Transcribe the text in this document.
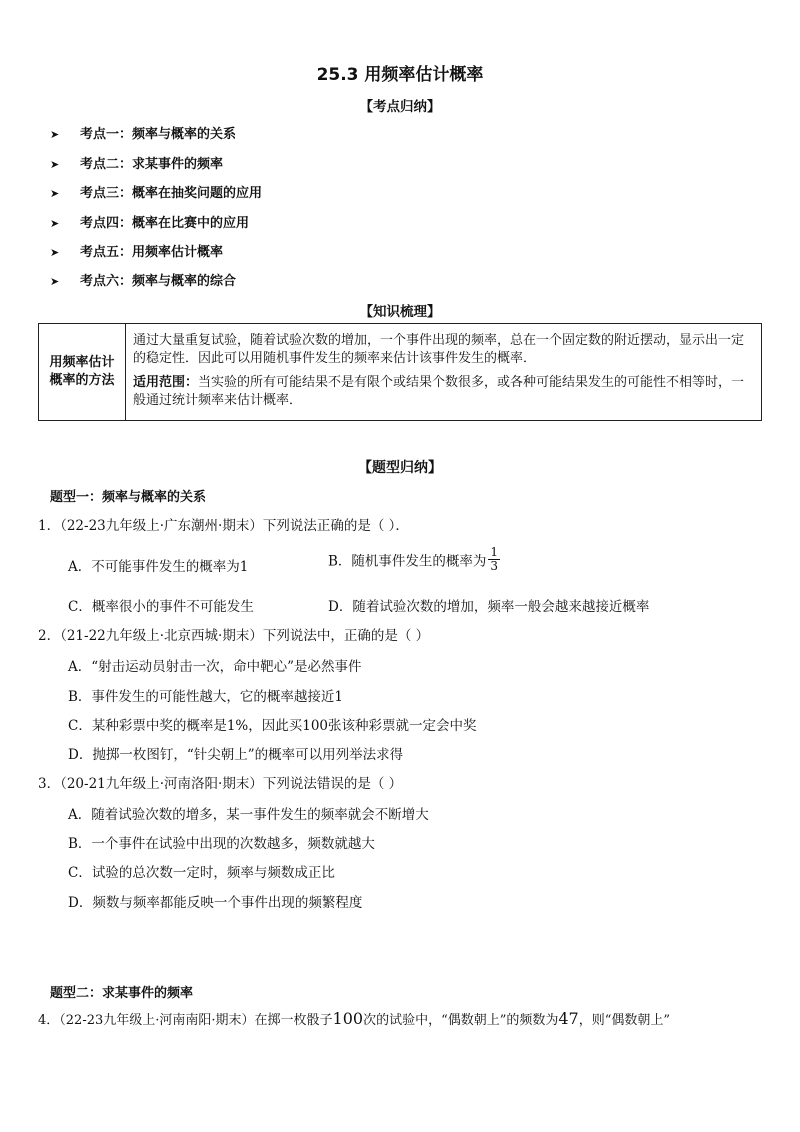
25.3 用频率估计概率
【考点归纳】
➤ 考点一：频率与概率的关系
➤ 考点二：求某事件的频率
➤ 考点三：概率在抽奖问题的应用
➤ 考点四：概率在比赛中的应用
➤ 考点五：用频率估计概率
➤ 考点六：频率与概率的综合
【知识梳理】
用频率估计
概率的方法

通过大量重复试验，随着试验次数的增加，一个事件出现的频率，总在一个固定数的附近摆动，显示出一定的稳定性．因此可以用随机事件发生的频率来估计该事件发生的概率．

适用范围：当实验的所有可能结果不是有限个或结果个数很多，或各种可能结果发生的可能性不相等时，一般通过统计频率来估计概率．

【题型归纳】
题型一：频率与概率的关系
1．（22-23九年级上·广东潮州·期末）下列说法正确的是（ ）．
A．不可能事件发生的概率为1	B．随机事件发生的概率为 $\frac{1}{3}$
C．概率很小的事件不可能发生	D．随着试验次数的增加，频率一般会越来越接近概率
2．（21-22九年级上·北京西城·期末）下列说法中，正确的是（ ）
A．“射击运动员射击一次，命中靶心”是必然事件
B．事件发生的可能性越大，它的概率越接近1
C．某种彩票中奖的概率是1%，因此买100张该种彩票就一定会中奖
D．抛掷一枚图钉，“针尖朝上”的概率可以用列举法求得
3．（20-21九年级上·河南洛阳·期末）下列说法错误的是（ ）
A．随着试验次数的增多，某一事件发生的频率就会不断增大
B．一个事件在试验中出现的次数越多，频数就越大
C．试验的总次数一定时，频率与频数成正比
D．频数与频率都能反映一个事件出现的频繁程度
题型二：求某事件的频率
4．（22-23九年级上·河南南阳·期末）在掷一枚骰子100次的试验中，“偶数朝上”的频数为47，则“偶数朝上”
